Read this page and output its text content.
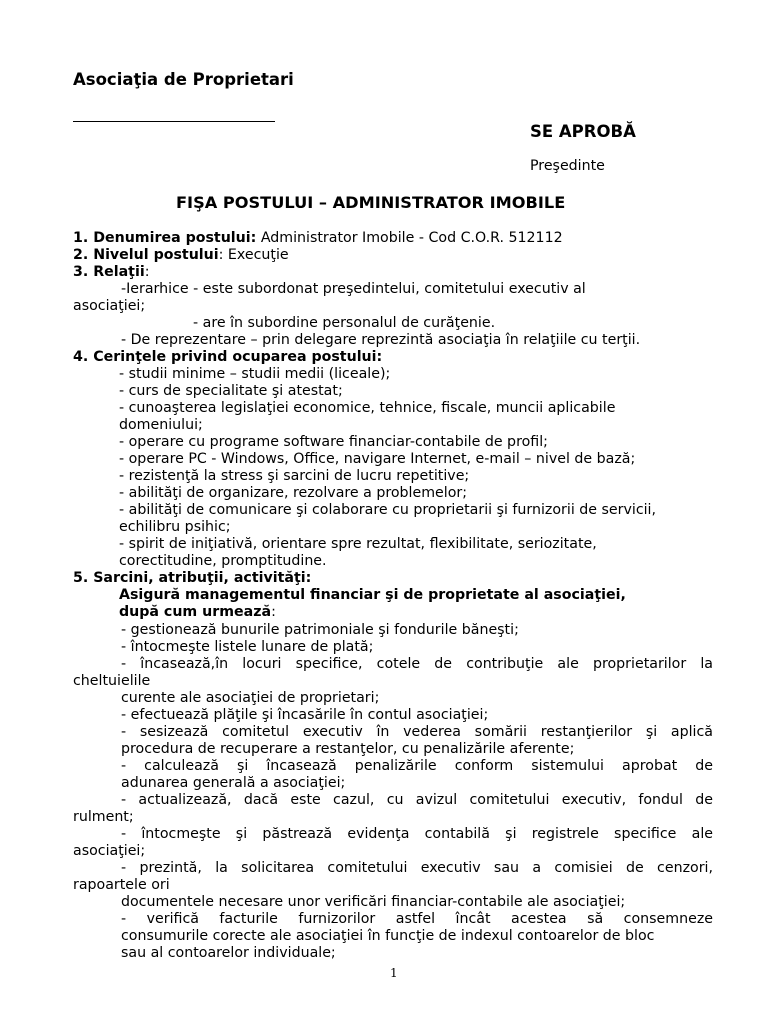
Asociaţia de Proprietari
SE APROBĂ
Preşedinte
FIŞA POSTULUI – ADMINISTRATOR IMOBILE
1. Denumirea postului: Administrator Imobile - Cod C.O.R. 512112
2. Nivelul postului: Execuţie
3. Relaţii:
-Ierarhice - este subordonat preşedintelui, comitetului executiv al
asociaţiei;
- are în subordine personalul de curăţenie.
- De reprezentare – prin delegare reprezintă asociaţia în relaţiile cu terţii.
4. Cerinţele privind ocuparea postului:
- studii minime – studii medii (liceale);
- curs de specialitate şi atestat;
- cunoaşterea legislaţiei economice, tehnice, fiscale, muncii aplicabile
domeniului;
- operare cu programe software financiar-contabile de profil;
- operare PC - Windows, Office, navigare Internet, e-mail – nivel de bază;
- rezistenţă la stress şi sarcini de lucru repetitive;
- abilităţi de organizare, rezolvare a problemelor;
- abilităţi de comunicare şi colaborare cu proprietarii şi furnizorii de servicii,
echilibru psihic;
- spirit de iniţiativă, orientare spre rezultat, flexibilitate, seriozitate,
corectitudine, promptitudine.
5. Sarcini, atribuţii, activităţi:
Asigură managementul financiar şi de proprietate al asociaţiei,
după cum urmează:
- gestionează bunurile patrimoniale şi fondurile băneşti;
- întocmeşte listele lunare de plată;
- încasează,în locuri specifice, cotele de contribuţie ale proprietarilor la
cheltuielile
curente ale asociaţiei de proprietari;
- efectuează plăţile şi încasările în contul asociaţiei;
- sesizează comitetul executiv în vederea somării restanţierilor şi aplică
procedura de recuperare a restanţelor, cu penalizările aferente;
- calculează şi încasează penalizările conform sistemului aprobat de
adunarea generală a asociaţiei;
- actualizează, dacă este cazul, cu avizul comitetului executiv, fondul de
rulment;
- întocmeşte şi păstrează evidenţa contabilă şi registrele specifice ale
asociaţiei;
- prezintă, la solicitarea comitetului executiv sau a comisiei de cenzori,
rapoartele ori
documentele necesare unor verificări financiar-contabile ale asociaţiei;
- verifică facturile furnizorilor astfel încât acestea să consemneze
consumurile corecte ale asociaţiei în funcţie de indexul contoarelor de bloc
sau al contoarelor individuale;
1
